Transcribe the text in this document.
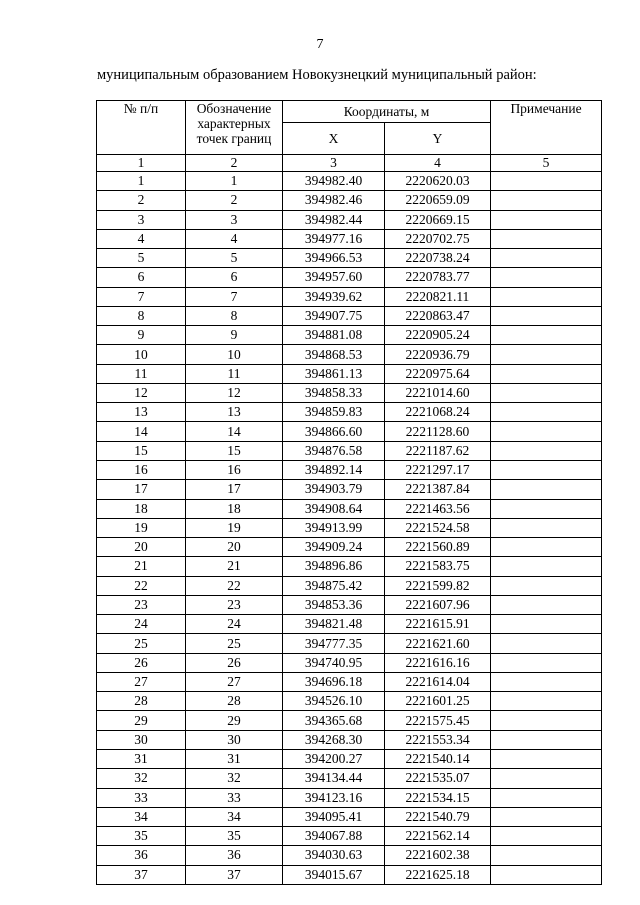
7
муниципальным образованием Новокузнецкий муниципальный район:
№ п/п	Обозначение характерных точек границ	Координаты, м		Примечание
		X	Y	
1	2	3	4	5
1	1	394982.40	2220620.03	
2	2	394982.46	2220659.09	
3	3	394982.44	2220669.15	
4	4	394977.16	2220702.75	
5	5	394966.53	2220738.24	
6	6	394957.60	2220783.77	
7	7	394939.62	2220821.11	
8	8	394907.75	2220863.47	
9	9	394881.08	2220905.24	
10	10	394868.53	2220936.79	
11	11	394861.13	2220975.64	
12	12	394858.33	2221014.60	
13	13	394859.83	2221068.24	
14	14	394866.60	2221128.60	
15	15	394876.58	2221187.62	
16	16	394892.14	2221297.17	
17	17	394903.79	2221387.84	
18	18	394908.64	2221463.56	
19	19	394913.99	2221524.58	
20	20	394909.24	2221560.89	
21	21	394896.86	2221583.75	
22	22	394875.42	2221599.82	
23	23	394853.36	2221607.96	
24	24	394821.48	2221615.91	
25	25	394777.35	2221621.60	
26	26	394740.95	2221616.16	
27	27	394696.18	2221614.04	
28	28	394526.10	2221601.25	
29	29	394365.68	2221575.45	
30	30	394268.30	2221553.34	
31	31	394200.27	2221540.14	
32	32	394134.44	2221535.07	
33	33	394123.16	2221534.15	
34	34	394095.41	2221540.79	
35	35	394067.88	2221562.14	
36	36	394030.63	2221602.38	
37	37	394015.67	2221625.18	
